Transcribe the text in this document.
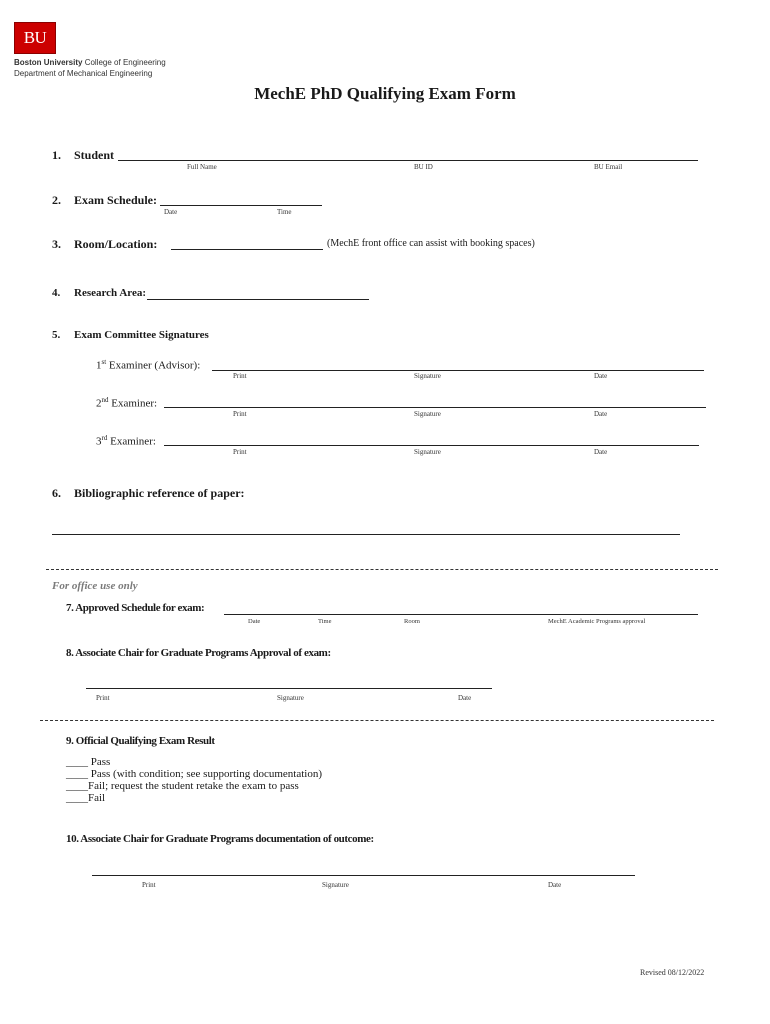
BU
Boston University College of Engineering
Department of Mechanical Engineering
MechE PhD Qualifying Exam Form
1. Student
Full Name	BU ID	BU Email
2. Exam Schedule:
Date	Time
3. Room/Location:	(MechE front office can assist with booking spaces)
4. Research Area:
5. Exam Committee Signatures
1st Examiner (Advisor):
Print	Signature	Date
2nd Examiner:
Print	Signature	Date
3rd Examiner:
Print	Signature	Date
6. Bibliographic reference of paper:
For office use only
7. Approved Schedule for exam:
Date	Time	Room	MechE Academic Programs approval
8. Associate Chair for Graduate Programs Approval of exam:
Print	Signature	Date
9. Official Qualifying Exam Result
____ Pass
____ Pass (with condition; see supporting documentation)
____Fail; request the student retake the exam to pass
____Fail
10. Associate Chair for Graduate Programs documentation of outcome:
Print	Signature	Date
Revised 08/12/2022
